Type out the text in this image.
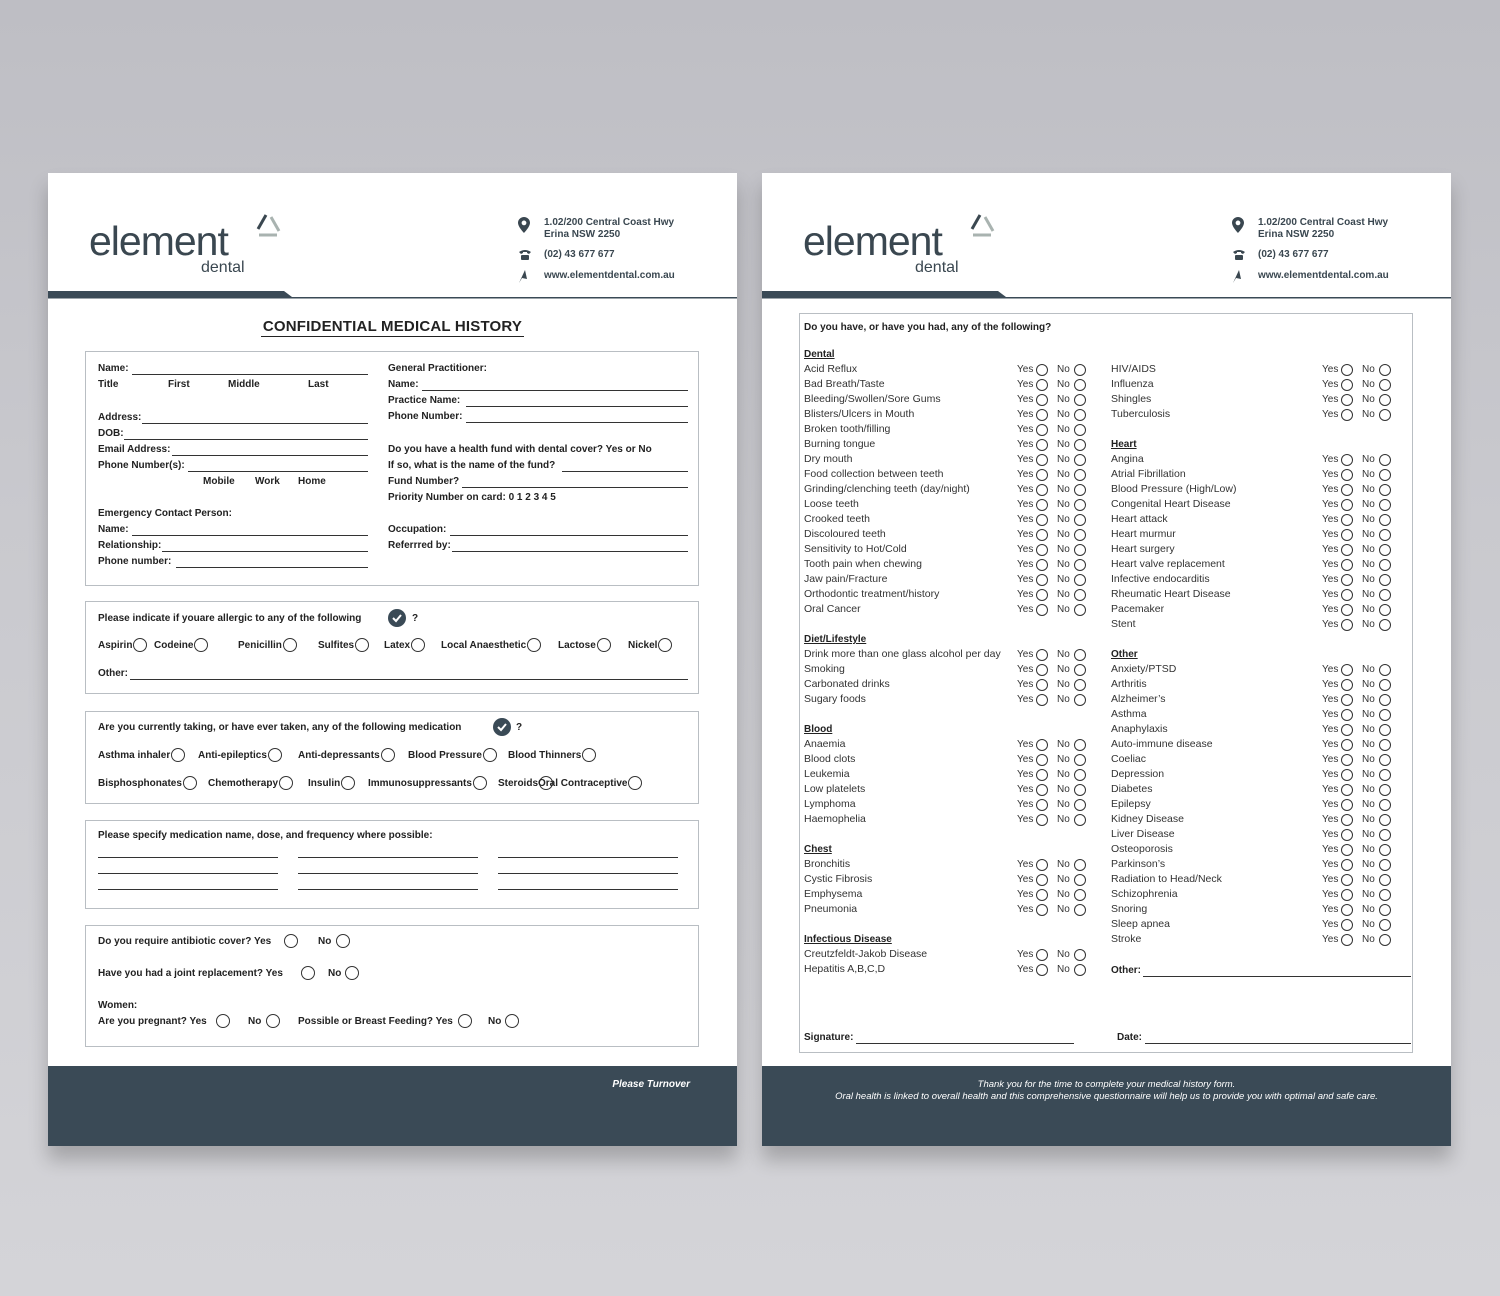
element
dental
1.02/200 Central Coast Hwy
Erina NSW 2250
(02) 43 677 677
www.elementdental.com.au
CONFIDENTIAL MEDICAL HISTORY
Name:
Title	First	Middle	Last
Address:
DOB:
Email Address:
Phone Number(s):
Mobile Work Home
Emergency Contact Person:
Name:
Relationship:
Phone number:
General Practitioner:
Name:
Practice Name:
Phone Number:
Do you have a health fund with dental cover? Yes or No
If so, what is the name of the fund?
Fund Number?
Priority Number on card: 0 1 2 3 4 5
Occupation:
Referrred by:
Please indicate if youare allergic to any of the following	?
Aspirin Codeine	Penicillin	Sulfites	Latex	Local Anaesthetic	Lactose	Nickel
Other:
Are you currently taking, or have ever taken, any of the following medication	?
Asthma inhaler	Anti-epileptics	Anti-depressants	Blood Pressure	Blood Thinners
Bisphosphonates	Chemotherapy	Insulin	Immunosuppressants	Steroids Oral Contraceptive
Please specify medication name, dose, and frequency where possible:
Do you require antibiotic cover? Yes	No
Have you had a joint replacement? Yes	No
Women:
Are you pregnant? Yes	No	Possible or Breast Feeding? Yes	No
Please Turnover
element
dental
1.02/200 Central Coast Hwy
Erina NSW 2250
(02) 43 677 677
www.elementdental.com.au
Do you have, or have you had, any of the following?
Dental
Acid Reflux	Yes No
Bad Breath/Taste	Yes No
Bleeding/Swollen/Sore Gums	Yes No
Blisters/Ulcers in Mouth	Yes No
Broken tooth/filling	Yes No
Burning tongue	Yes No
Dry mouth	Yes No
Food collection between teeth	Yes No
Grinding/clenching teeth (day/night)	Yes No
Loose teeth	Yes No
Crooked teeth	Yes No
Discoloured teeth	Yes No
Sensitivity to Hot/Cold	Yes No
Tooth pain when chewing	Yes No
Jaw pain/Fracture	Yes No
Orthodontic treatment/history	Yes No
Oral Cancer	Yes No
Diet/Lifestyle
Drink more than one glass alcohol per day Yes No
Smoking	Yes No
Carbonated drinks	Yes No
Sugary foods	Yes No
Blood
Anaemia	Yes No
Blood clots	Yes No
Leukemia	Yes No
Low platelets	Yes No
Lymphoma	Yes No
Haemophelia	Yes No
Chest
Bronchitis	Yes No
Cystic Fibrosis	Yes No
Emphysema	Yes No
Pneumonia	Yes No
Infectious Disease
Creutzfeldt-Jakob Disease	Yes No
Hepatitis A,B,C,D	Yes No
HIV/AIDS	Yes No
Influenza	Yes No
Shingles	Yes No
Tuberculosis	Yes No
Heart
Angina	Yes No
Atrial Fibrillation	Yes No
Blood Pressure (High/Low)	Yes No
Congenital Heart Disease	Yes No
Heart attack	Yes No
Heart murmur	Yes No
Heart surgery	Yes No
Heart valve replacement	Yes No
Infective endocarditis	Yes No
Rheumatic Heart Disease	Yes No
Pacemaker	Yes No
Stent	Yes No
Other
Anxiety/PTSD	Yes No
Arthritis	Yes No
Alzheimer’s	Yes No
Asthma	Yes No
Anaphylaxis	Yes No
Auto-immune disease	Yes No
Coeliac	Yes No
Depression	Yes No
Diabetes	Yes No
Epilepsy	Yes No
Kidney Disease	Yes No
Liver Disease	Yes No
Osteoporosis	Yes No
Parkinson’s	Yes No
Radiation to Head/Neck	Yes No
Schizophrenia	Yes No
Snoring	Yes No
Sleep apnea	Yes No
Stroke	Yes No
Other:
Signature:	Date:
Thank you for the time to complete your medical history form.
Oral health is linked to overall health and this comprehensive questionnaire will help us to provide you with optimal and safe care.
